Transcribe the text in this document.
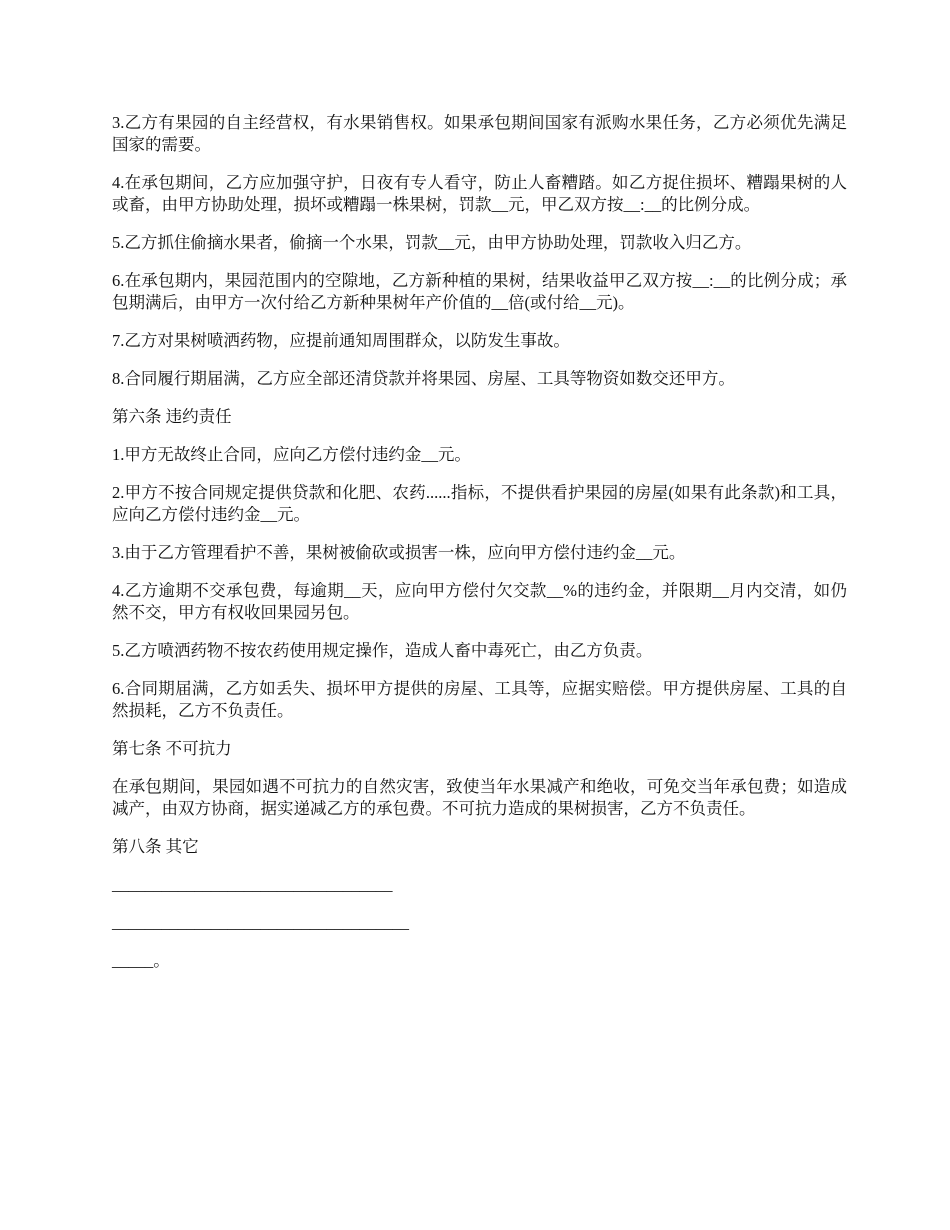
3.乙方有果园的自主经营权，有水果销售权。如果承包期间国家有派购水果任务，乙方必须优先满足国家的需要。

4.在承包期间，乙方应加强守护，日夜有专人看守，防止人畜糟踏。如乙方捉住损坏、糟蹋果树的人或畜，由甲方协助处理，损坏或糟蹋一株果树，罚款__元，甲乙双方按__:__的比例分成。

5.乙方抓住偷摘水果者，偷摘一个水果，罚款__元，由甲方协助处理，罚款收入归乙方。

6.在承包期内，果园范围内的空隙地，乙方新种植的果树，结果收益甲乙双方按__:__的比例分成；承包期满后，由甲方一次付给乙方新种果树年产价值的__倍(或付给__元)。

7.乙方对果树喷洒药物，应提前通知周围群众，以防发生事故。

8.合同履行期届满，乙方应全部还清贷款并将果园、房屋、工具等物资如数交还甲方。

第六条 违约责任

1.甲方无故终止合同，应向乙方偿付违约金__元。

2.甲方不按合同规定提供贷款和化肥、农药......指标，不提供看护果园的房屋(如果有此条款)和工具，应向乙方偿付违约金__元。

3.由于乙方管理看护不善，果树被偷砍或损害一株，应向甲方偿付违约金__元。

4.乙方逾期不交承包费，每逾期__天，应向甲方偿付欠交款__%的违约金，并限期__月内交清，如仍然不交，甲方有权收回果园另包。

5.乙方喷洒药物不按农药使用规定操作，造成人畜中毒死亡，由乙方负责。

6.合同期届满，乙方如丢失、损坏甲方提供的房屋、工具等，应据实赔偿。甲方提供房屋、工具的自然损耗，乙方不负责任。

第七条 不可抗力

在承包期间，果园如遇不可抗力的自然灾害，致使当年水果减产和绝收，可免交当年承包费；如造成减产，由双方协商，据实递减乙方的承包费。不可抗力造成的果树损害，乙方不负责任。

第八条 其它

__________________________________

____________________________________

_____。
